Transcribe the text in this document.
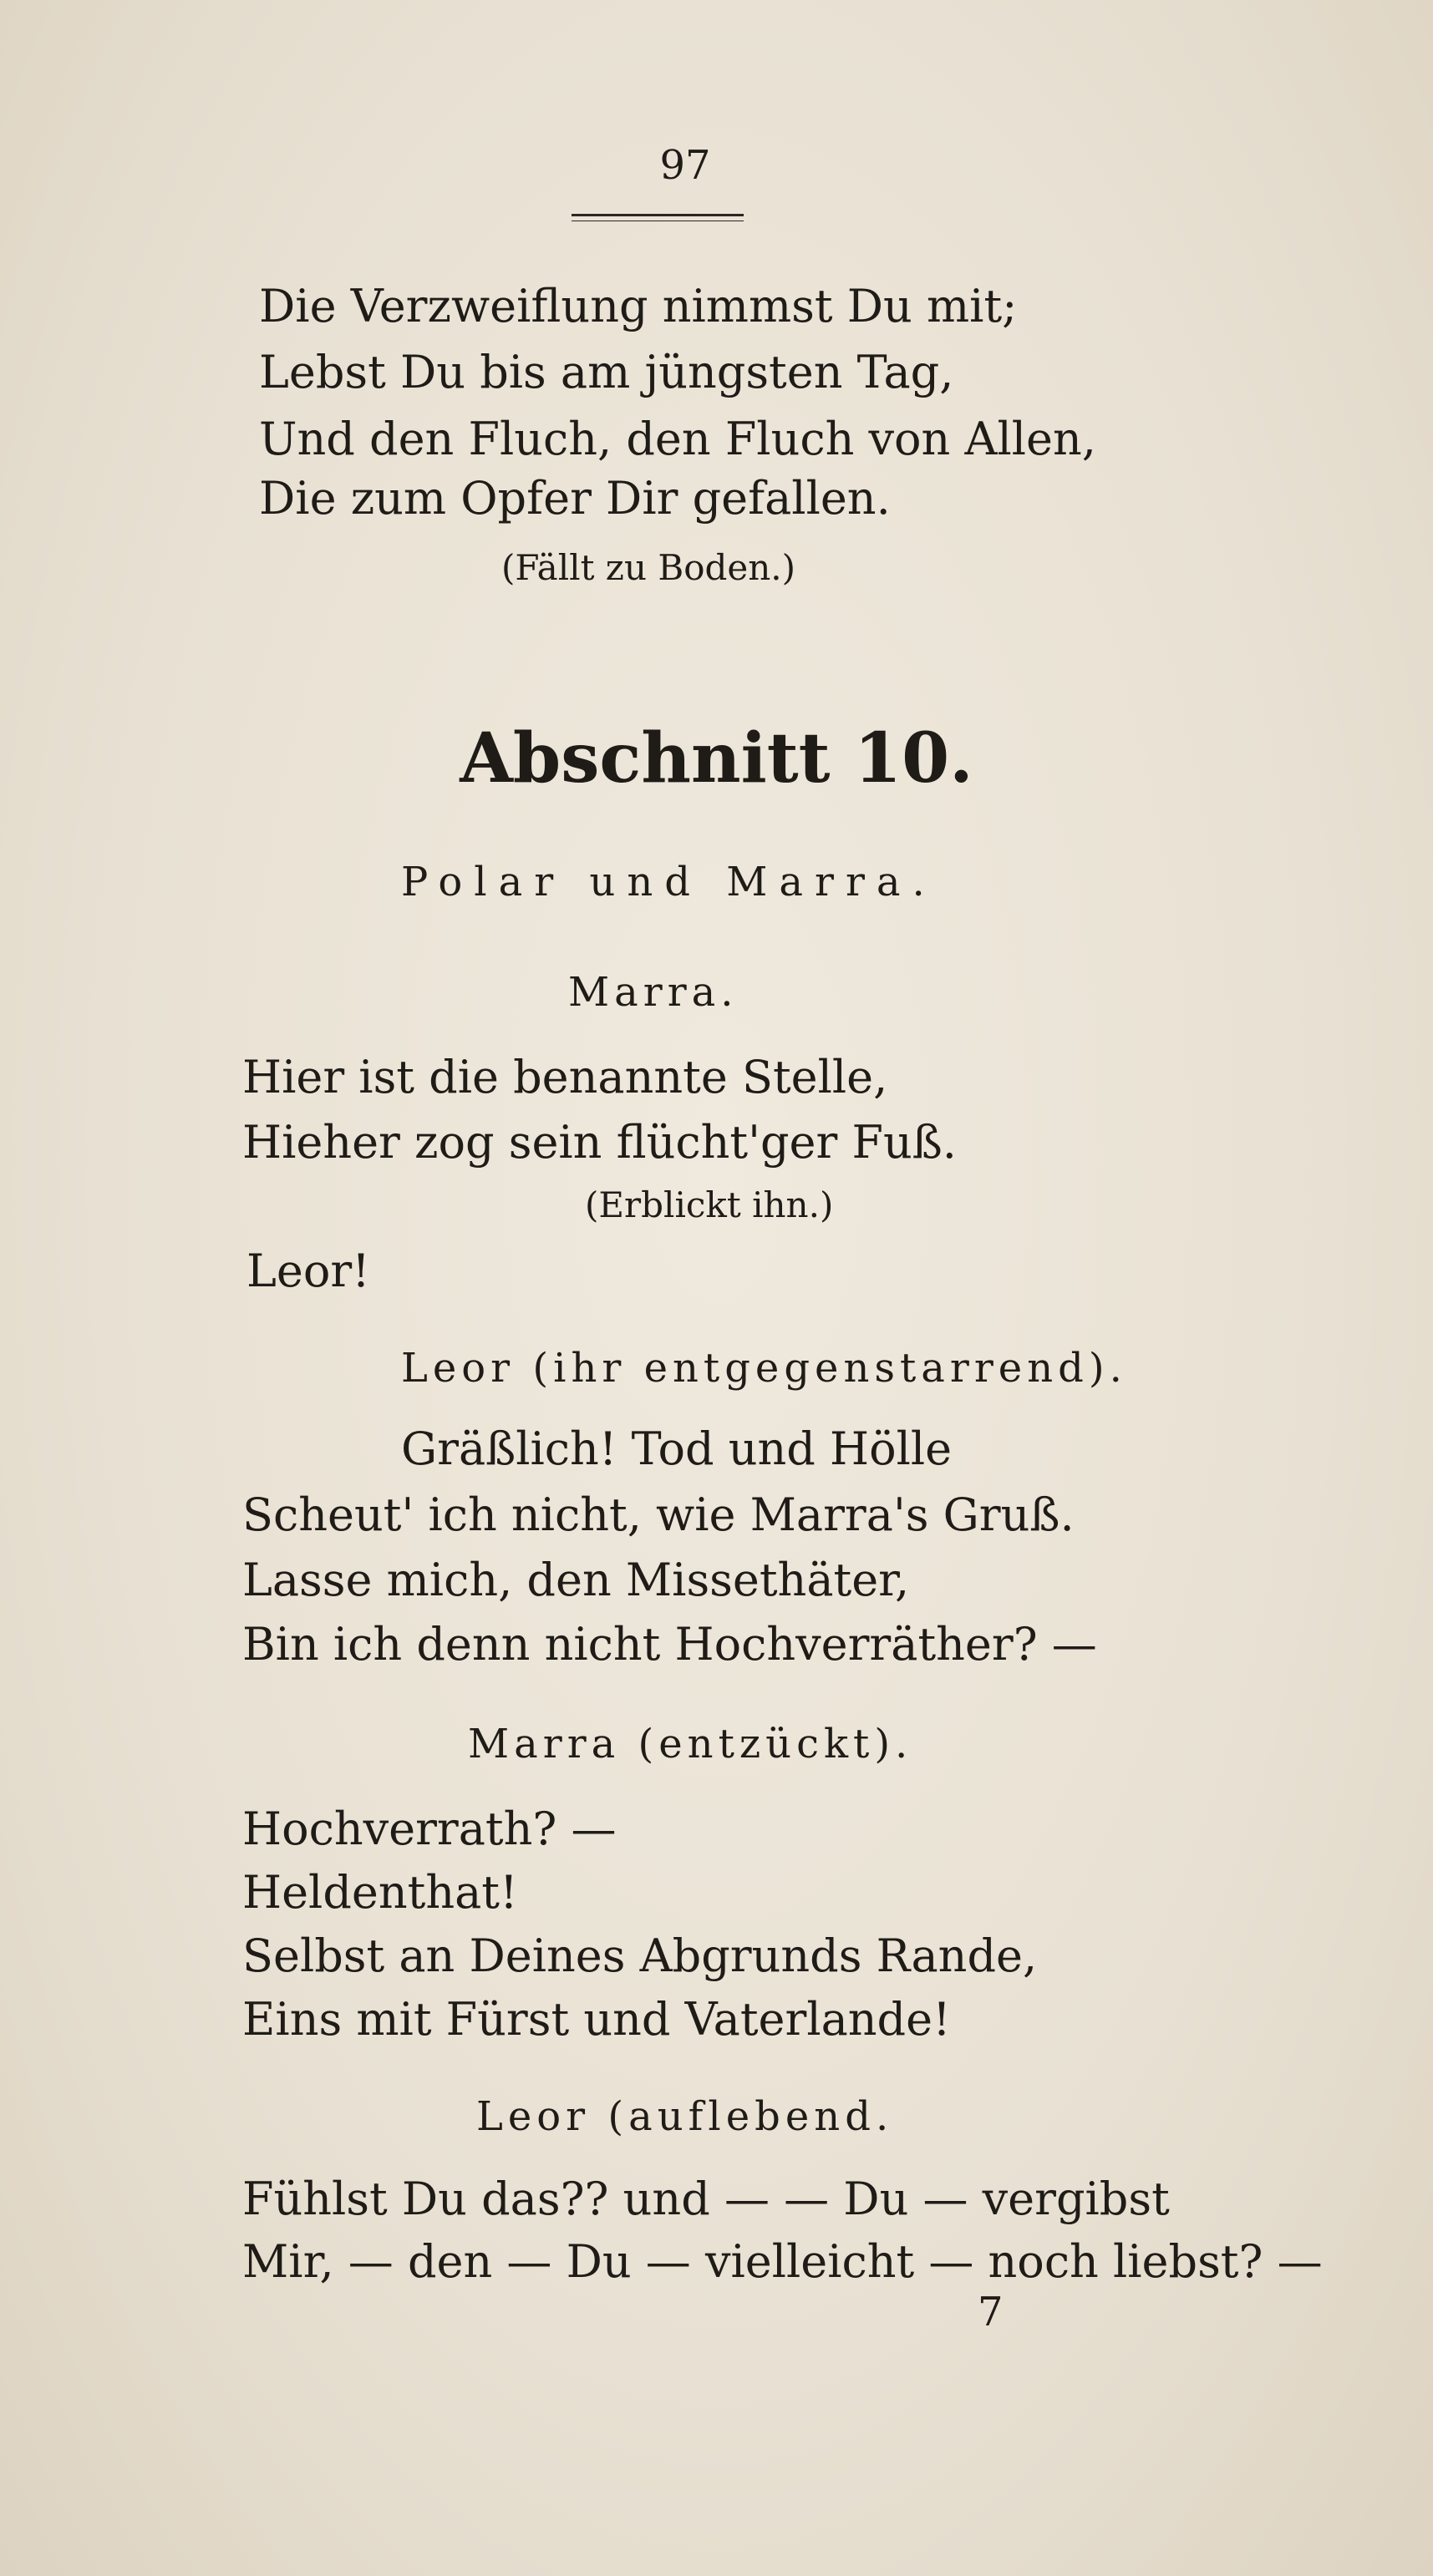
97
Die Verzweiflung nimmst Du mit;
Lebst Du bis am jüngsten Tag,
Und den Fluch, den Fluch von Allen,
Die zum Opfer Dir gefallen.
(Fällt zu Boden.)
Abschnitt 10.
Polar und Marra.
Marra.
Hier ist die benannte Stelle,
Hieher zog sein flücht'ger Fuß.
(Erblickt ihn.)
Leor!
Leor (ihr entgegenstarrend).
Gräßlich! Tod und Hölle
Scheut' ich nicht, wie Marra's Gruß.
Lasse mich, den Missethäter,
Bin ich denn nicht Hochverräther? —
Marra (entzückt).
Hochverrath? —
Heldenthat!
Selbst an Deines Abgrunds Rande,
Eins mit Fürst und Vaterlande!
Leor (auflebend.
Fühlst Du das?? und — — Du — vergibst
Mir, — den — Du — vielleicht — noch liebst? —
7
